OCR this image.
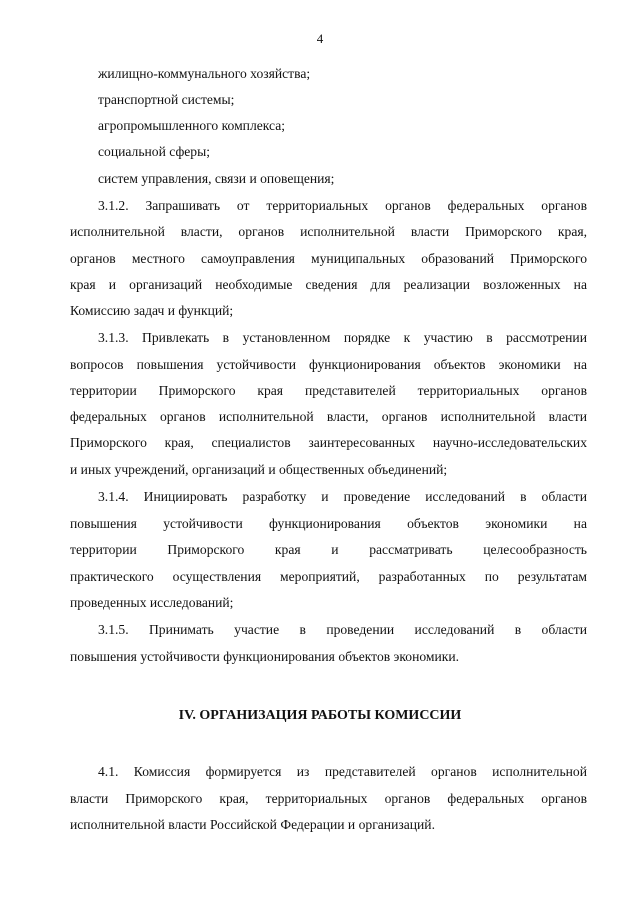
4
жилищно-коммунального хозяйства;
транспортной системы;
агропромышленного комплекса;
социальной сферы;
систем управления, связи и оповещения;
3.1.2. Запрашивать от территориальных органов федеральных органов
исполнительной власти, органов исполнительной власти Приморского края,
органов местного самоуправления муниципальных образований Приморского
края и организаций необходимые сведения для реализации возложенных на
Комиссию задач и функций;
3.1.3. Привлекать в установленном порядке к участию в рассмотрении
вопросов повышения устойчивости функционирования объектов экономики на
территории Приморского края представителей территориальных органов
федеральных органов исполнительной власти, органов исполнительной власти
Приморского края, специалистов заинтересованных научно-исследовательских
и иных учреждений, организаций и общественных объединений;
3.1.4. Инициировать разработку и проведение исследований в области
повышения устойчивости функционирования объектов экономики на
территории Приморского края и рассматривать целесообразность
практического осуществления мероприятий, разработанных по результатам
проведенных исследований;
3.1.5. Принимать участие в проведении исследований в области
повышения устойчивости функционирования объектов экономики.
IV. ОРГАНИЗАЦИЯ РАБОТЫ КОМИССИИ
4.1. Комиссия формируется из представителей органов исполнительной
власти Приморского края, территориальных органов федеральных органов
исполнительной власти Российской Федерации и организаций.
